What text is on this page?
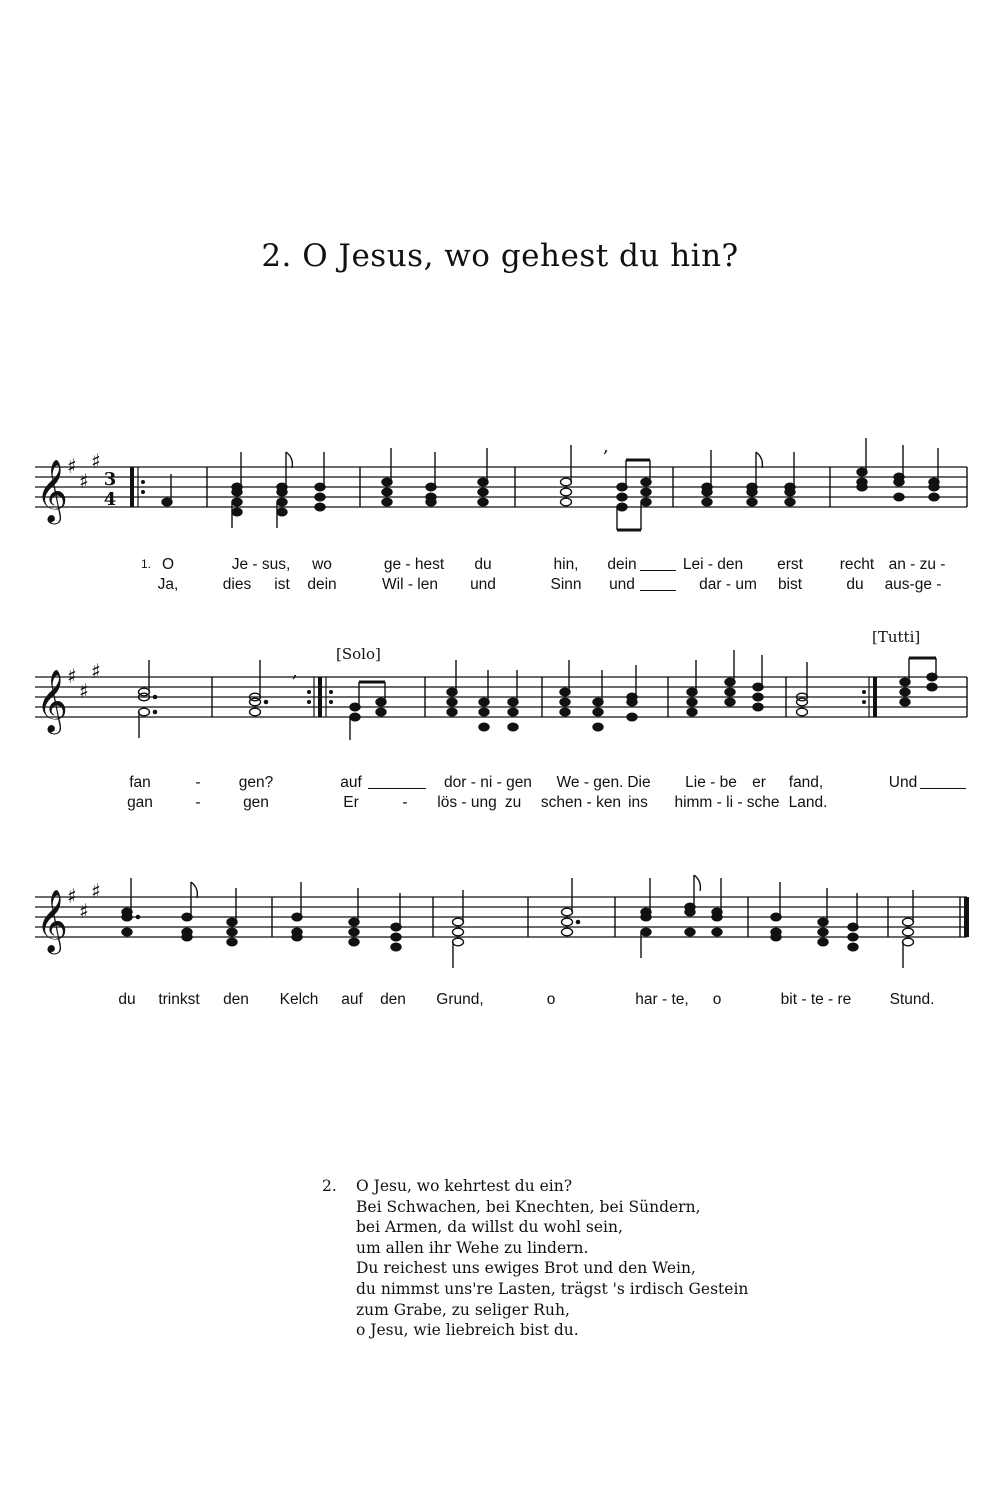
2. O Jesus, wo gehest du hin?
𝄞 ♯
♯
♯
3
4
,
1. O	Je - sus, wo	ge - hest du	hin, dein	Lei - den erst recht an - zu -
Ja,	dies ist dein	Wil - len und	Sinn und	dar - um bist	du aus-ge -
𝄞 ♯
♯
♯	,
[Solo]
[Tutti]
fan	- gen?	auf	dor - ni - gen We - gen. Die Lie - be er fand,	Und
gan	-	gen	Er	- lös - ung zu schen - ken ins himm - li - sche Land.
𝄞 ♯
♯
♯
du trinkst den Kelch auf den Grund,	o	har - te, o	bit - te - re Stund.
2. O Jesu, wo kehrtest du ein?
Bei Schwachen, bei Knechten, bei Sündern,
bei Armen, da willst du wohl sein,
um allen ihr Wehe zu lindern.
Du reichest uns ewiges Brot und den Wein,
du nimmst uns're Lasten, trägst 's irdisch Gestein
zum Grabe, zu seliger Ruh,
o Jesu, wie liebreich bist du.
